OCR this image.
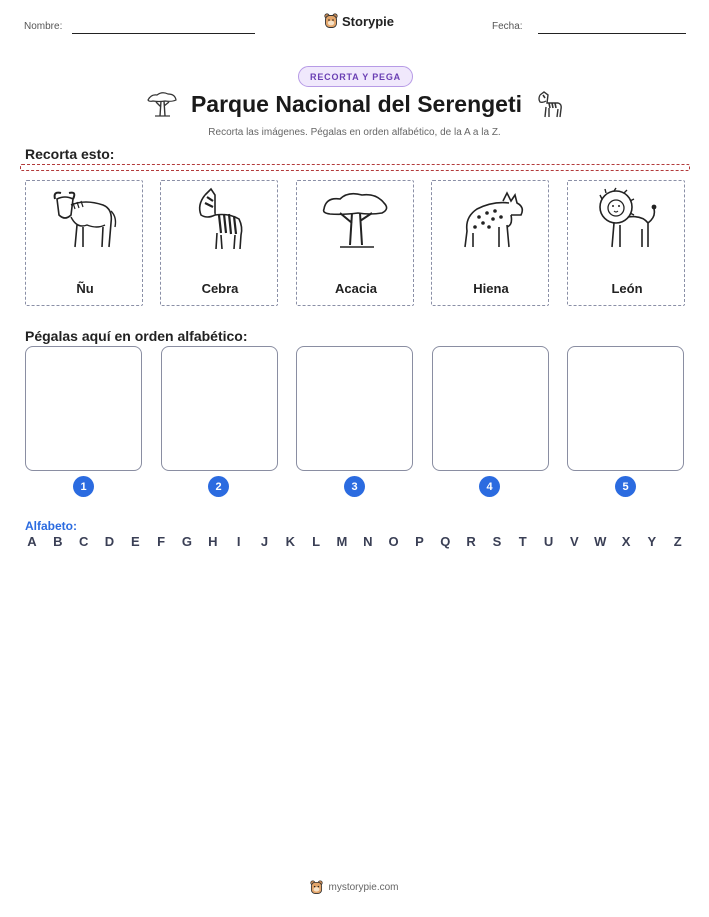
Nombre:	Storypie	Fecha:
RECORTA Y PEGA
Parque Nacional del Serengeti
Recorta las imágenes. Pégalas en orden alfabético, de la A a la Z.
Recorta esto:
Ñu	Cebra	Acacia	Hiena	León
Pégalas aquí en orden alfabético:
1	2	3	4	5
Alfabeto:
A B C D E F G H	I	J K L M N O P Q R S T U V W X Y Z
mystorypie.com
